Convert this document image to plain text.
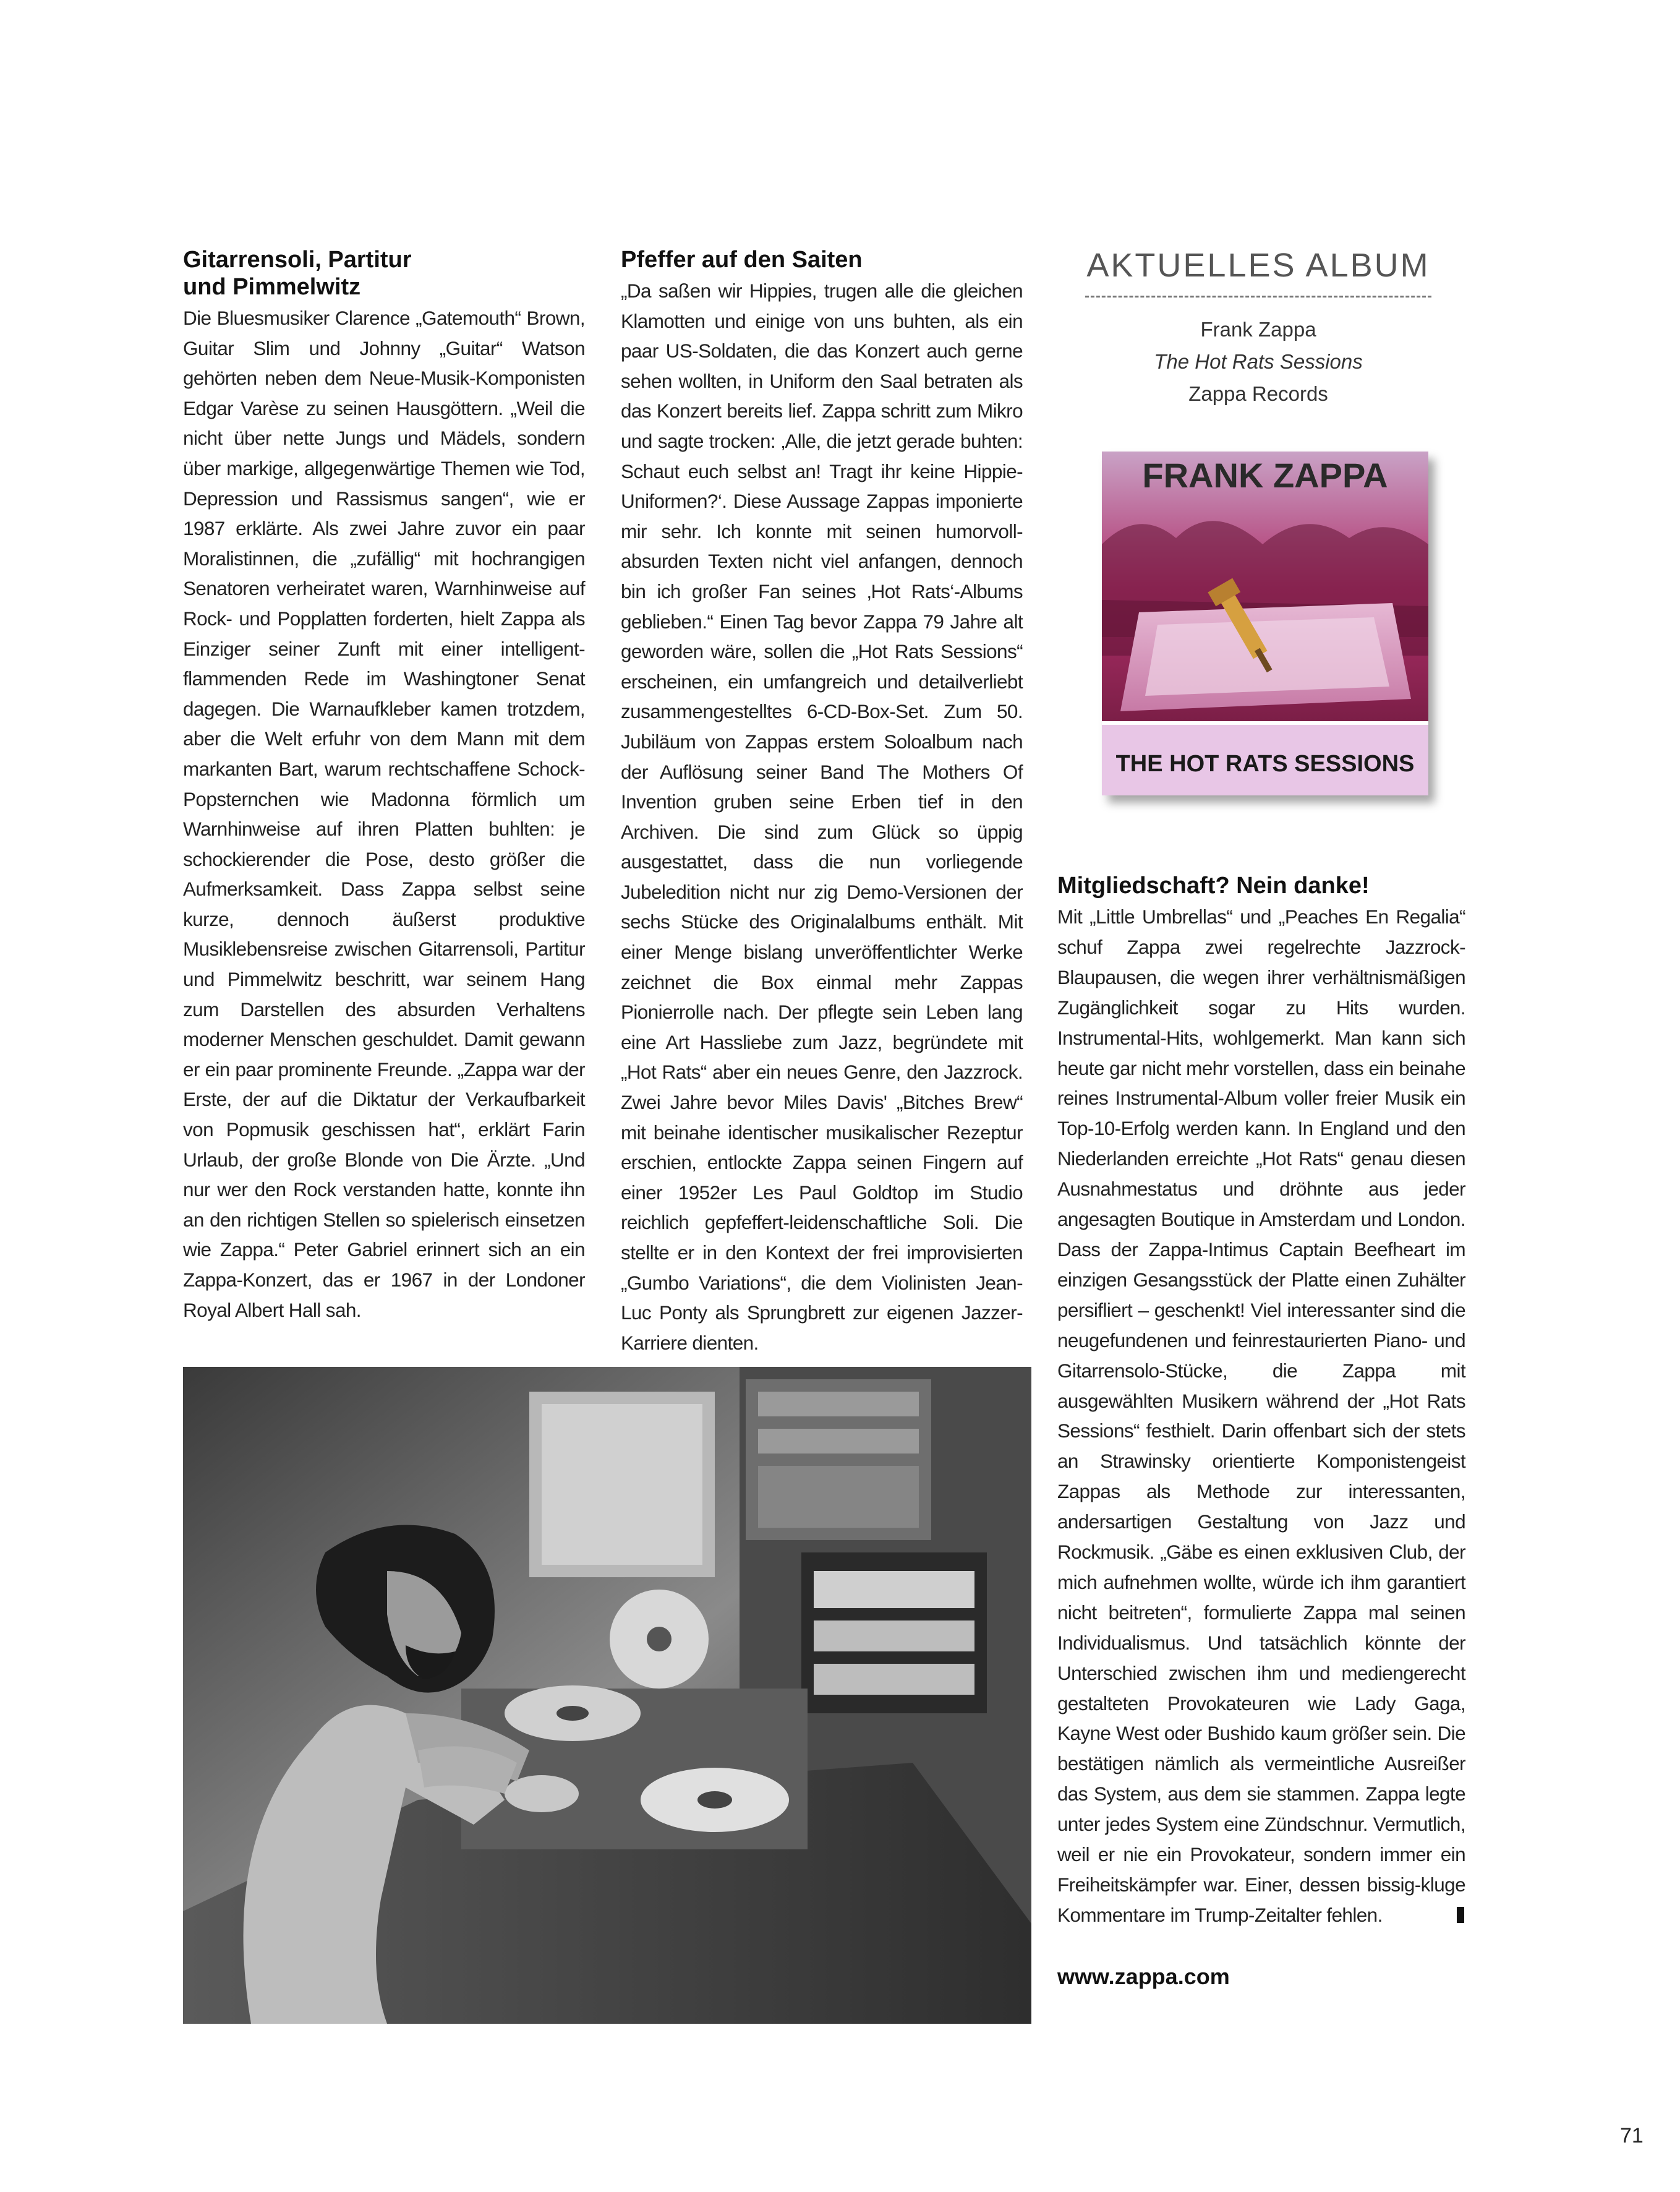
Gitarrensoli, Partitur
und Pimmelwitz

Die Bluesmusiker Clarence „Gatemouth“ Brown, Guitar Slim und Johnny „Guitar“ Watson gehörten neben dem Neue-Musik-Komponisten Edgar Varèse zu seinen Hausgöttern. „Weil die nicht über nette Jungs und Mädels, sondern über markige, allgegenwärtige Themen wie Tod, Depression und Rassismus sangen“, wie er 1987 erklärte. Als zwei Jahre zuvor ein paar Moralistinnen, die „zufällig“ mit hochrangigen Senatoren verheiratet waren, Warnhinweise auf Rock- und Popplatten forderten, hielt Zappa als Einziger seiner Zunft mit einer intelligent-flammenden Rede im Washingtoner Senat dagegen. Die Warnaufkleber kamen trotzdem, aber die Welt erfuhr von dem Mann mit dem markanten Bart, warum rechtschaffene Schock-Popsternchen wie Madonna förmlich um Warnhinweise auf ihren Platten buhlten: je schockierender die Pose, desto größer die Aufmerksamkeit. Dass Zappa selbst seine kurze, dennoch äußerst produktive Musiklebensreise zwischen Gitarrensoli, Partitur und Pimmelwitz beschritt, war seinem Hang zum Darstellen des absurden Verhaltens moderner Menschen geschuldet. Damit gewann er ein paar prominente Freunde. „Zappa war der Erste, der auf die Diktatur der Verkaufbarkeit von Popmusik geschissen hat“, erklärt Farin Urlaub, der große Blonde von Die Ärzte. „Und nur wer den Rock verstanden hatte, konnte ihn an den richtigen Stellen so spielerisch einsetzen wie Zappa.“ Peter Gabriel erinnert sich an ein Zappa-Konzert, das er 1967 in der Londoner Royal Albert Hall sah.

Pfeffer auf den Saiten

„Da saßen wir Hippies, trugen alle die gleichen Klamotten und einige von uns buhten, als ein paar US-Soldaten, die das Konzert auch gerne sehen wollten, in Uniform den Saal betraten als das Konzert bereits lief. Zappa schritt zum Mikro und sagte trocken: ‚Alle, die jetzt gerade buhten: Schaut euch selbst an! Tragt ihr keine Hippie-Uniformen?‘. Diese Aussage Zappas imponierte mir sehr. Ich konnte mit seinen humorvoll-absurden Texten nicht viel anfangen, dennoch bin ich großer Fan seines ‚Hot Rats‘-Albums geblieben.“ Einen Tag bevor Zappa 79 Jahre alt geworden wäre, sollen die „Hot Rats Sessions“ erscheinen, ein umfangreich und detailverliebt zusammengestelltes 6-CD-Box-Set. Zum 50. Jubiläum von Zappas erstem Soloalbum nach der Auflösung seiner Band The Mothers Of Invention gruben seine Erben tief in den Archiven. Die sind zum Glück so üppig ausgestattet, dass die nun vorliegende Jubeledition nicht nur zig Demo-Versionen der sechs Stücke des Originalalbums enthält. Mit einer Menge bislang unveröffentlichter Werke zeichnet die Box einmal mehr Zappas Pionierrolle nach. Der pflegte sein Leben lang eine Art Hassliebe zum Jazz, begründete mit „Hot Rats“ aber ein neues Genre, den Jazzrock. Zwei Jahre bevor Miles Davis' „Bitches Brew“ mit beinahe identischer musikalischer Rezeptur erschien, entlockte Zappa seinen Fingern auf einer 1952er Les Paul Goldtop im Studio reichlich gepfeffert-leidenschaftliche Soli. Die stellte er in den Kontext der frei improvisierten „Gumbo Variations“, die dem Violinisten Jean-Luc Ponty als Sprungbrett zur eigenen Jazzer-Karriere dienten.

AKTUELLES ALBUM
Frank Zappa
The Hot Rats Sessions
Zappa Records
FRANK ZAPPA
THE HOT RATS SESSIONS
Mitgliedschaft? Nein danke!

Mit „Little Umbrellas“ und „Peaches En Regalia“ schuf Zappa zwei regelrechte Jazzrock-Blaupausen, die wegen ihrer verhältnismäßigen Zugänglichkeit sogar zu Hits wurden. Instrumental-Hits, wohlgemerkt. Man kann sich heute gar nicht mehr vorstellen, dass ein beinahe reines Instrumental-Album voller freier Musik ein Top-10-Erfolg werden kann. In England und den Niederlanden erreichte „Hot Rats“ genau diesen Ausnahmestatus und dröhnte aus jeder angesagten Boutique in Amsterdam und London. Dass der Zappa-Intimus Captain Beefheart im einzigen Gesangsstück der Platte einen Zuhälter persifliert – geschenkt! Viel interessanter sind die neugefundenen und feinrestaurierten Piano- und Gitarrensolo-Stücke, die Zappa mit ausgewählten Musikern während der „Hot Rats Sessions“ festhielt. Darin offenbart sich der stets an Strawinsky orientierte Komponistengeist Zappas als Methode zur interessanten, andersartigen Gestaltung von Jazz und Rockmusik. „Gäbe es einen exklusiven Club, der mich aufnehmen wollte, würde ich ihm garantiert nicht beitreten“, formulierte Zappa mal seinen Individualismus. Und tatsächlich könnte der Unterschied zwischen ihm und mediengerecht gestalteten Provokateuren wie Lady Gaga, Kayne West oder Bushido kaum größer sein. Die bestätigen nämlich als vermeintliche Ausreißer das System, aus dem sie stammen. Zappa legte unter jedes System eine Zündschnur. Vermutlich, weil er nie ein Provokateur, sondern immer ein Freiheitskämpfer war. Einer, dessen bissig-kluge Kommentare im Trump-Zeitalter fehlen.

www.zappa.com
71
